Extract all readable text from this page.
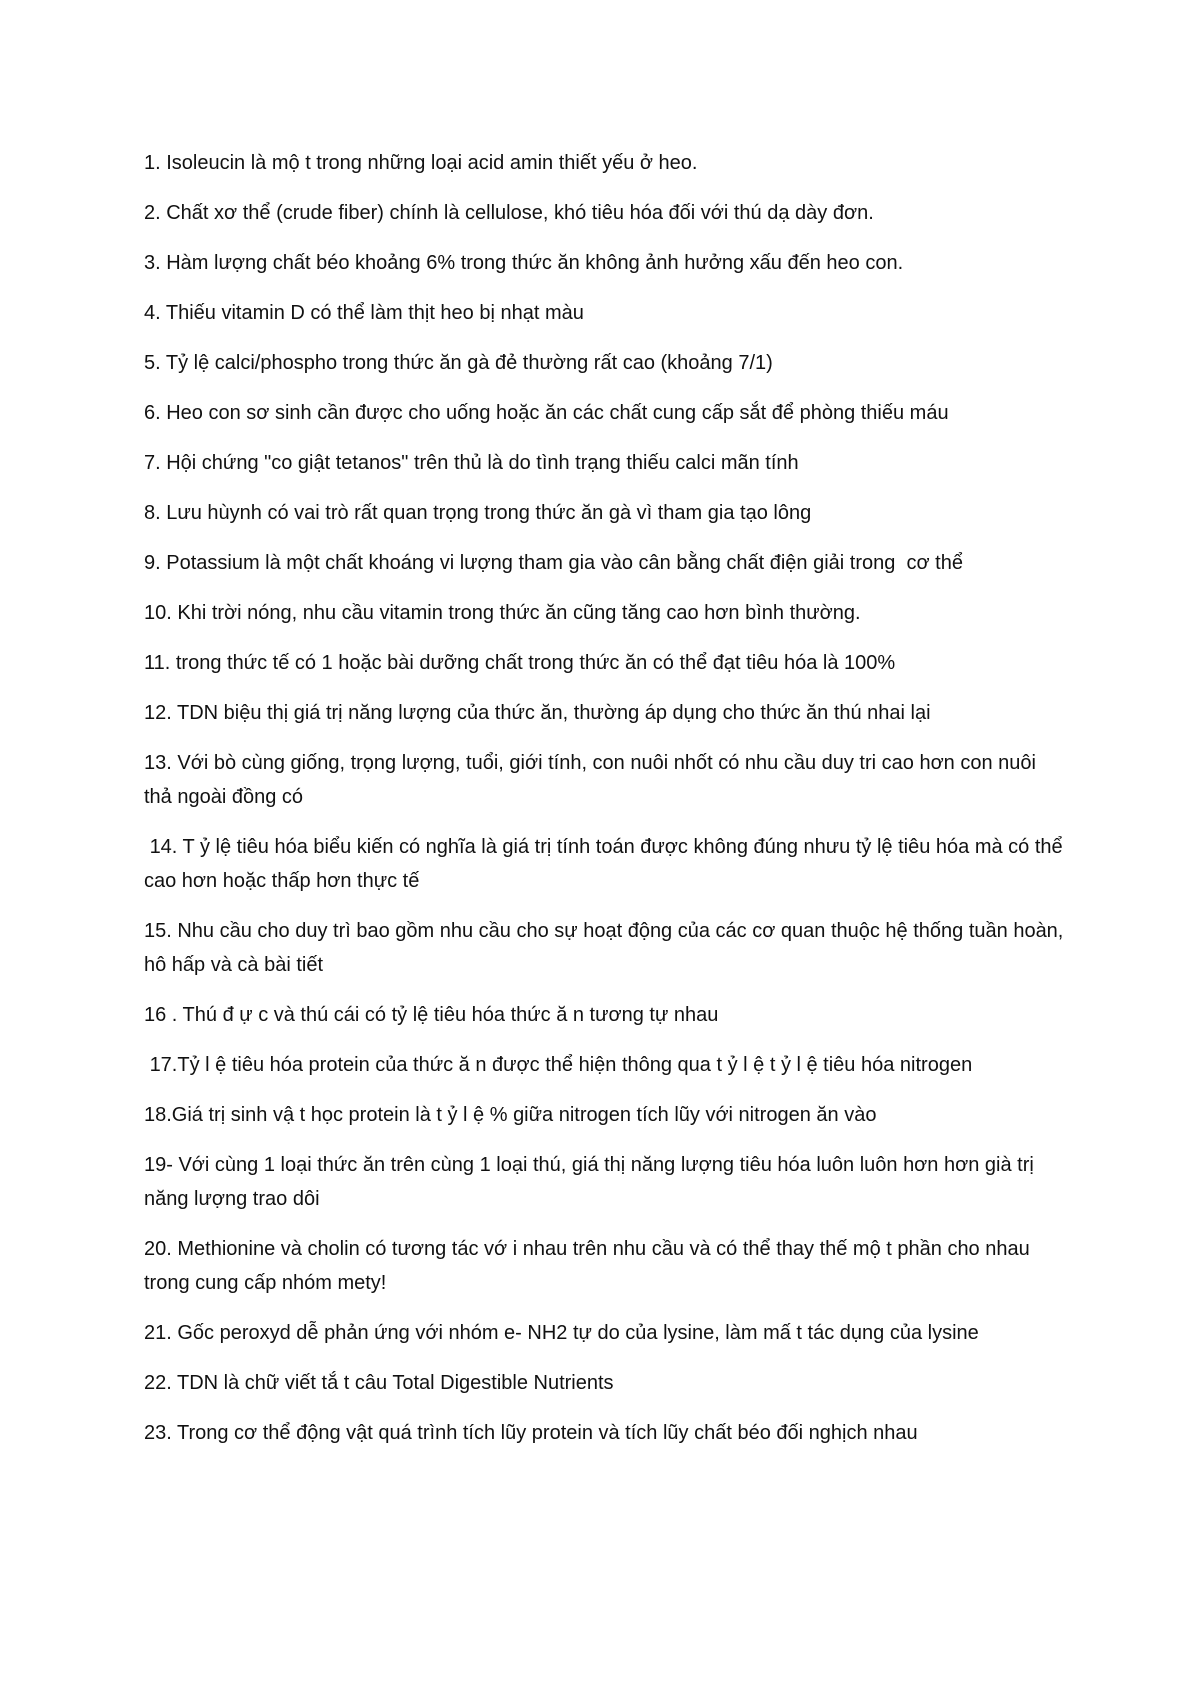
1. Isoleucin là mộ t trong những loại acid amin thiết yếu ở heo.

2. Chất xơ thể (crude fiber) chính là cellulose, khó tiêu hóa đối với thú dạ dày đơn.

3. Hàm lượng chất béo khoảng 6% trong thức ăn không ảnh hưởng xấu đến heo con.

4. Thiếu vitamin D có thể làm thịt heo bị nhạt màu

5. Tỷ lệ calci/phospho trong thức ăn gà đẻ thường rất cao (khoảng 7/1)

6. Heo con sơ sinh cần được cho uống hoặc ăn các chất cung cấp sắt để phòng thiếu máu

7. Hội chứng "co giật tetanos" trên thủ là do tình trạng thiếu calci mãn tính

8. Lưu hùynh có vai trò rất quan trọng trong thức ăn gà vì tham gia tạo lông

9. Potassium là một chất khoáng vi lượng tham gia vào cân bằng chất điện giải trong  cơ thể

10. Khi trời nóng, nhu cầu vitamin trong thức ăn cũng tăng cao hơn bình thường.

11. trong thức tế có 1 hoặc bài dưỡng chất trong thức ăn có thể đạt tiêu hóa là 100%

12. TDN biệu thị giá trị năng lượng của thức ăn, thường áp dụng cho thức ăn thú nhai lại

13. Với bò cùng giống, trọng lượng, tuổi, giới tính, con nuôi nhốt có nhu cầu duy tri cao hơn con nuôi thả ngoài đồng có

14. T ỷ lệ tiêu hóa biểu kiến có nghĩa là giá trị tính toán được không đúng nhưu tỷ lệ tiêu hóa mà có thể cao hơn hoặc thấp hơn thực tế

15. Nhu cầu cho duy trì bao gồm nhu cầu cho sự hoạt động của các cơ quan thuộc hệ thống tuần hoàn, hô hấp và cà bài tiết

16 . Thú đ ự c và thú cái có tỷ lệ tiêu hóa thức ă n tương tự nhau

17.Tỷ l ệ tiêu hóa protein của thức ă n được thể hiện thông qua t ỷ l ệ t ỷ l ệ tiêu hóa nitrogen

18.Giá trị sinh vậ t học protein là t ỷ l ệ % giữa nitrogen tích lũy với nitrogen ăn vào

19- Với cùng 1 loại thức ăn trên cùng 1 loại thú, giá thị năng lượng tiêu hóa luôn luôn hơn hơn già trị năng lượng trao dôi

20. Methionine và cholin có tương tác vớ i nhau trên nhu cầu và có thể thay thế mộ t phần cho nhau trong cung cấp nhóm mety!

21. Gốc peroxyd dễ phản ứng với nhóm e- NH2 tự do của lysine, làm mấ t tác dụng của lysine

22. TDN là chữ viết tắ t câu Total Digestible Nutrients

23. Trong cơ thể động vật quá trình tích lũy protein và tích lũy chất béo đối nghịch nhau
